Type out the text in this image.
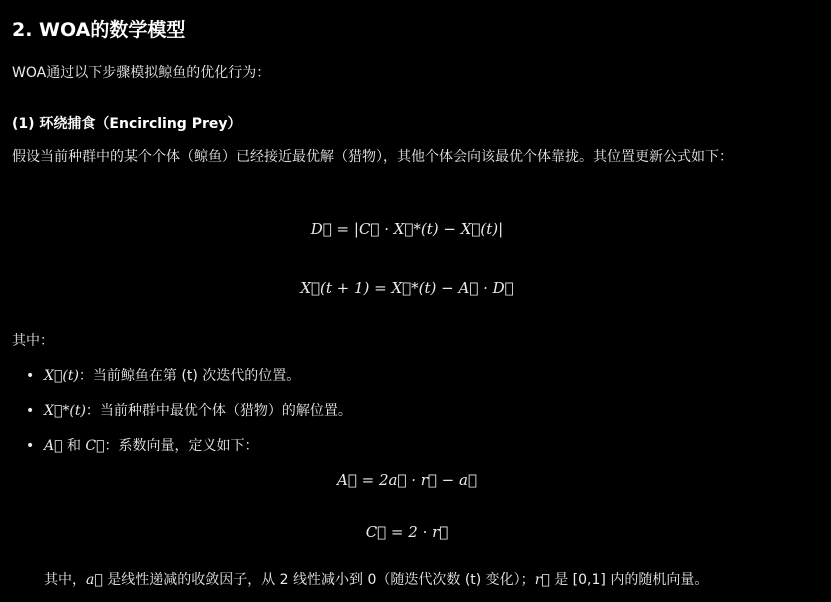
2. WOA的数学模型
WOA通过以下步骤模拟鲸鱼的优化行为：
(1) 环绕捕食（Encircling Prey）
假设当前种群中的某个个体（鲸鱼）已经接近最优解（猎物），其他个体会向该最优个体靠拢。其位置更新公式如下：
D⃗ = |C⃗ · X⃗*(t) − X⃗(t)|
X⃗(t + 1) = X⃗*(t) − A⃗ · D⃗
其中：
• X⃗(t)：当前鲸鱼在第 (t) 次迭代的位置。
• X⃗*(t)：当前种群中最优个体（猎物）的解位置。
• A⃗ 和 C⃗：系数向量，定义如下：
A⃗ = 2a⃗ · r⃗ − a⃗
C⃗ = 2 · r⃗
其中，a⃗ 是线性递减的收敛因子，从 2 线性减小到 0（随迭代次数 (t) 变化）；r⃗ 是 [0,1] 内的随机向量。
